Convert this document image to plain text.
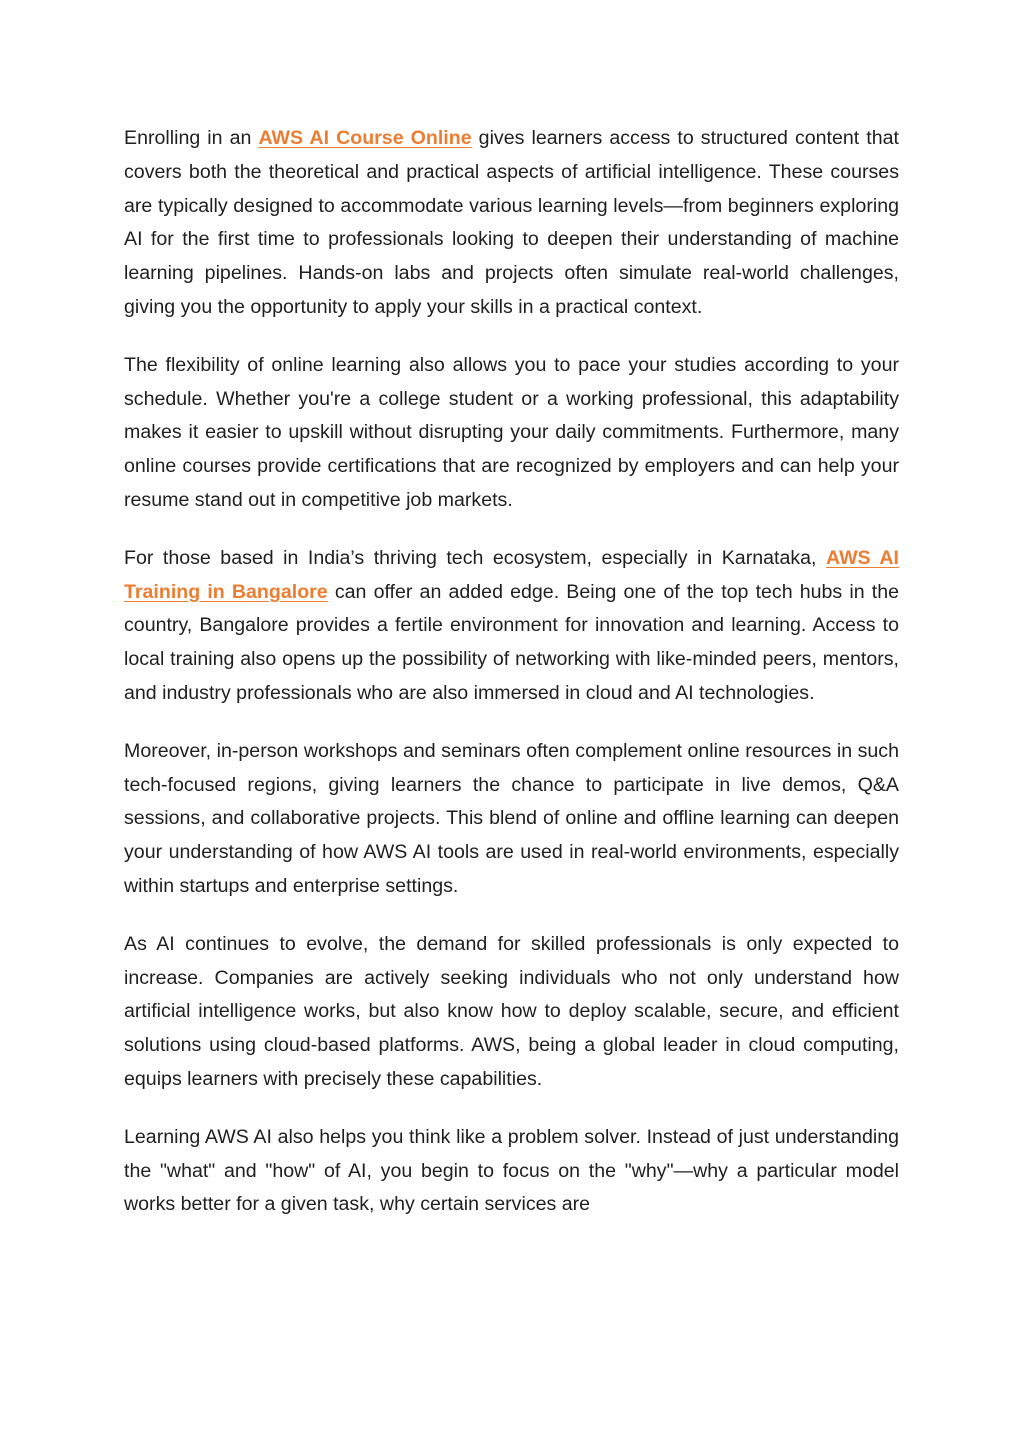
Enrolling in an AWS AI Course Online gives learners access to structured content that covers both the theoretical and practical aspects of artificial intelligence. These courses are typically designed to accommodate various learning levels—from beginners exploring AI for the first time to professionals looking to deepen their understanding of machine learning pipelines. Hands-on labs and projects often simulate real-world challenges, giving you the opportunity to apply your skills in a practical context.

The flexibility of online learning also allows you to pace your studies according to your schedule. Whether you're a college student or a working professional, this adaptability makes it easier to upskill without disrupting your daily commitments. Furthermore, many online courses provide certifications that are recognized by employers and can help your resume stand out in competitive job markets.

For those based in India’s thriving tech ecosystem, especially in Karnataka, AWS AI Training in Bangalore can offer an added edge. Being one of the top tech hubs in the country, Bangalore provides a fertile environment for innovation and learning. Access to local training also opens up the possibility of networking with like-minded peers, mentors, and industry professionals who are also immersed in cloud and AI technologies.

Moreover, in-person workshops and seminars often complement online resources in such tech-focused regions, giving learners the chance to participate in live demos, Q&A sessions, and collaborative projects. This blend of online and offline learning can deepen your understanding of how AWS AI tools are used in real-world environments, especially within startups and enterprise settings.

As AI continues to evolve, the demand for skilled professionals is only expected to increase. Companies are actively seeking individuals who not only understand how artificial intelligence works, but also know how to deploy scalable, secure, and efficient solutions using cloud-based platforms. AWS, being a global leader in cloud computing, equips learners with precisely these capabilities.

Learning AWS AI also helps you think like a problem solver. Instead of just understanding the "what" and "how" of AI, you begin to focus on the "why"—why a particular model works better for a given task, why certain services are
